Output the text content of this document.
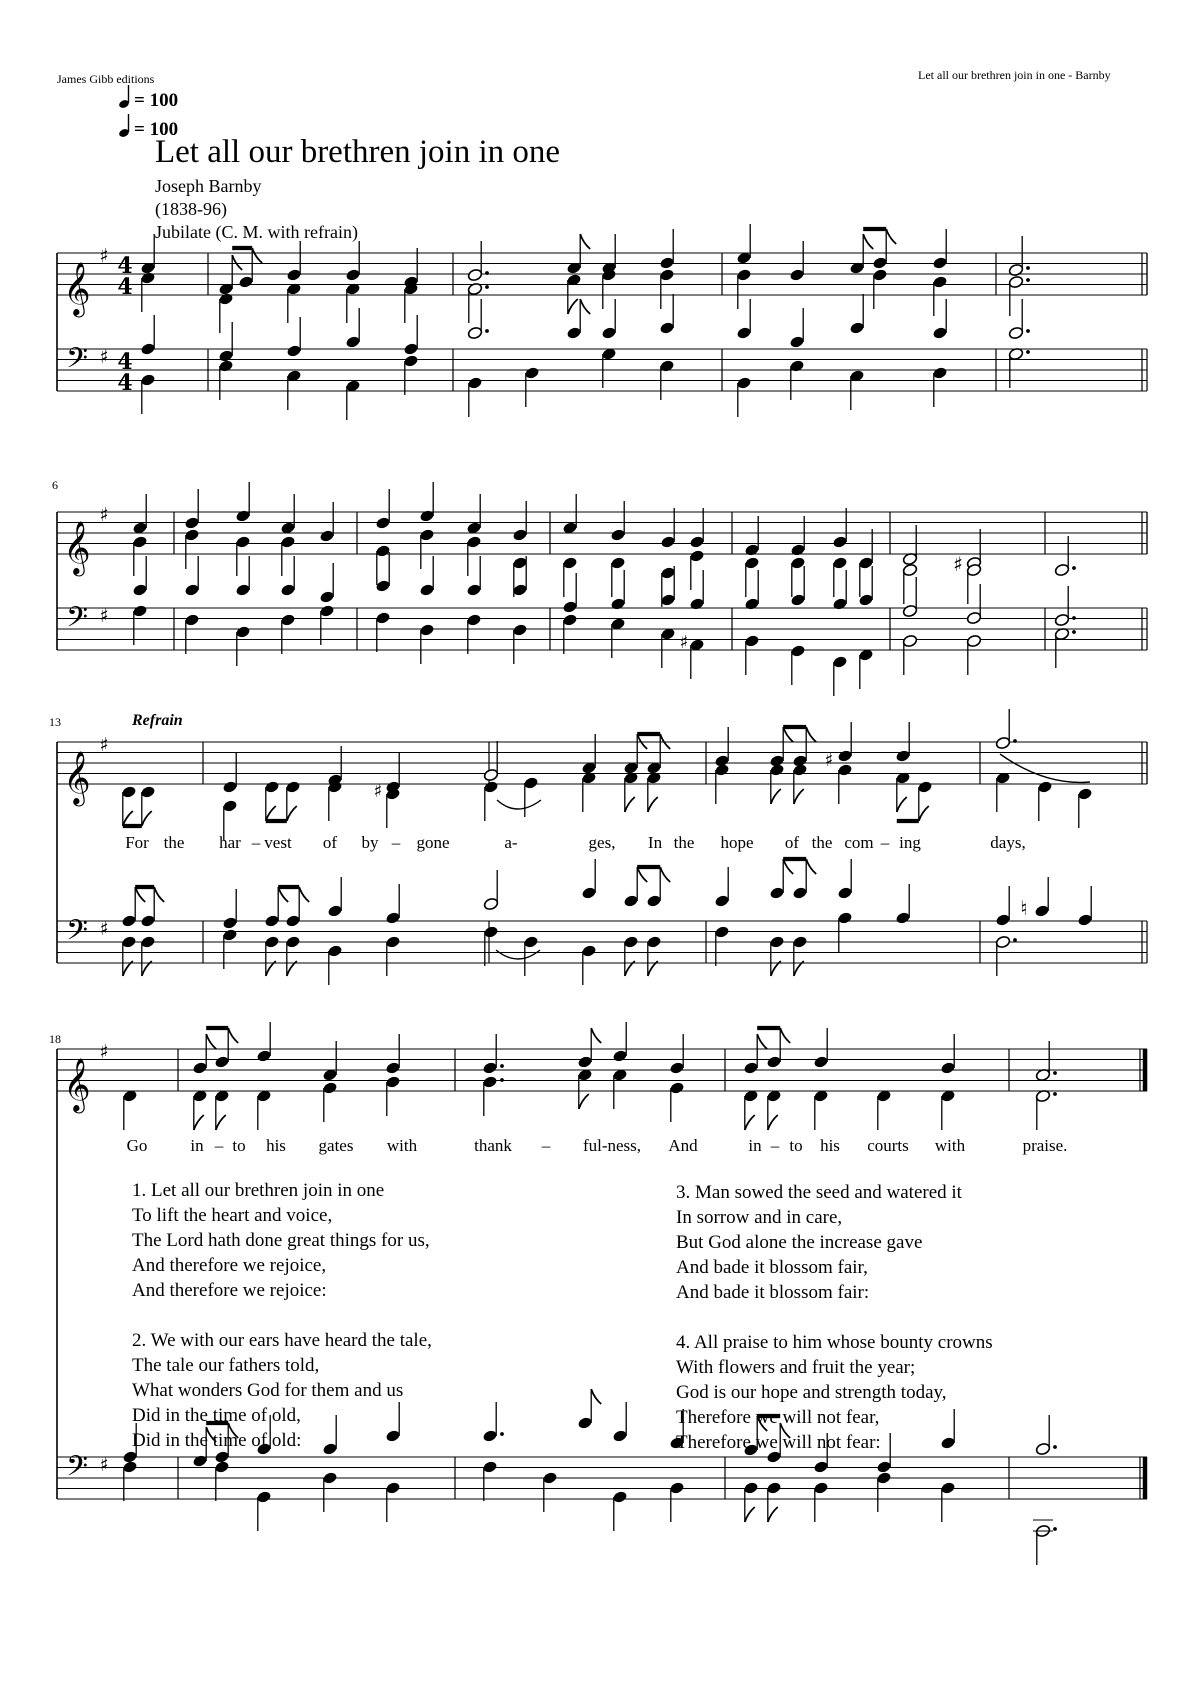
James Gibb editions	Let all our brethren join in one - Barnby
= 100
= 100
Let all our brethren join in one
Joseph Barnby
(1838-96)
Jubilate (C. M. with refrain)
6
13
18
Refrain
𝄞
𝄢
♯
♯
4
4
4
4
𝄞
𝄢
♯
♯
𝄞
𝄢
♯
♯
𝄞
𝄢
♯
♯
♯
♯
♯
♯
♮
For the har – vest of by – gone	a-	ges, In the hope of the com – ing	days,
Go	in – to his gates with	thank – ful-ness, And	in – to his courts with	praise.
1. Let all our brethren join in one
To lift the heart and voice,
The Lord hath done great things for us,
And therefore we rejoice,
And therefore we rejoice:
2. We with our ears have heard the tale,
The tale our fathers told,
What wonders God for them and us
Did in the time of old,
Did in the time of old:
3. Man sowed the seed and watered it
In sorrow and in care,
But God alone the increase gave
And bade it blossom fair,
And bade it blossom fair:
4. All praise to him whose bounty crowns
With flowers and fruit the year;
God is our hope and strength today,
Therefore we will not fear,
Therefore we will not fear:
